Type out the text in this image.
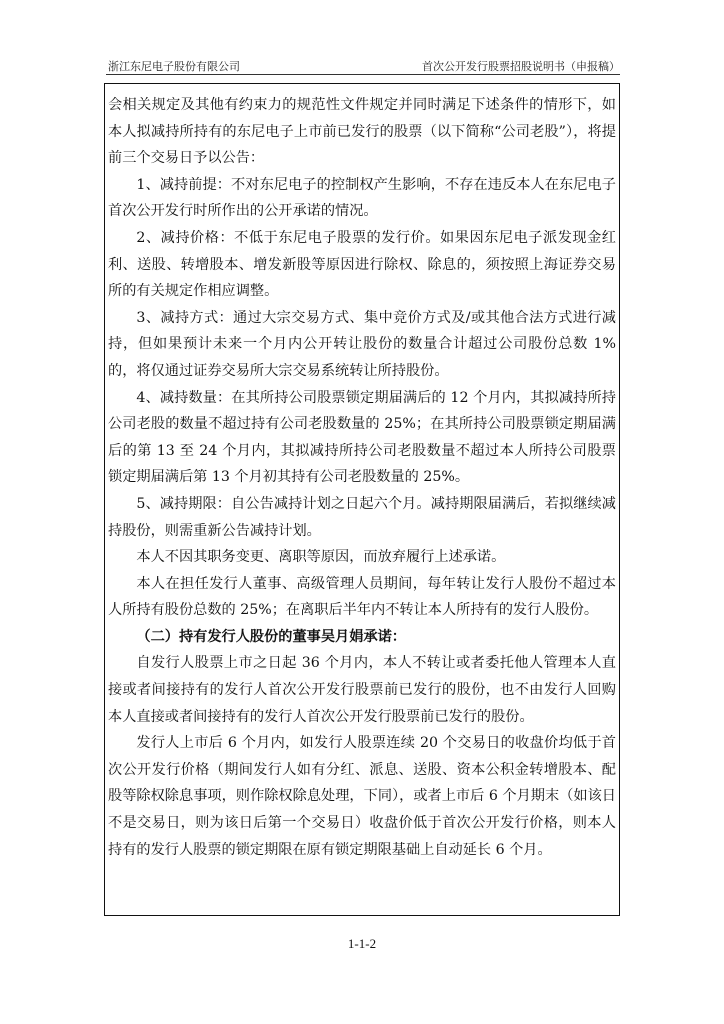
浙江东尼电子股份有限公司	首次公开发行股票招股说明书（申报稿）

会相关规定及其他有约束力的规范性文件规定并同时满足下述条件的情形下，如本人拟减持所持有的东尼电子上市前已发行的股票（以下简称“公司老股”），将提前三个交易日予以公告：

1、减持前提：不对东尼电子的控制权产生影响，不存在违反本人在东尼电子首次公开发行时所作出的公开承诺的情况。

2、减持价格：不低于东尼电子股票的发行价。如果因东尼电子派发现金红利、送股、转增股本、增发新股等原因进行除权、除息的，须按照上海证券交易所的有关规定作相应调整。

3、减持方式：通过大宗交易方式、集中竞价方式及/或其他合法方式进行减持，但如果预计未来一个月内公开转让股份的数量合计超过公司股份总数 1%的，将仅通过证券交易所大宗交易系统转让所持股份。

4、减持数量：在其所持公司股票锁定期届满后的 12 个月内，其拟减持所持公司老股的数量不超过持有公司老股数量的 25%；在其所持公司股票锁定期届满后的第 13 至 24 个月内，其拟减持所持公司老股数量不超过本人所持公司股票锁定期届满后第 13 个月初其持有公司老股数量的 25%。

5、减持期限：自公告减持计划之日起六个月。减持期限届满后，若拟继续减持股份，则需重新公告减持计划。

本人不因其职务变更、离职等原因，而放弃履行上述承诺。

本人在担任发行人董事、高级管理人员期间，每年转让发行人股份不超过本人所持有股份总数的 25%；在离职后半年内不转让本人所持有的发行人股份。

（二）持有发行人股份的董事吴月娟承诺：

自发行人股票上市之日起 36 个月内，本人不转让或者委托他人管理本人直接或者间接持有的发行人首次公开发行股票前已发行的股份，也不由发行人回购本人直接或者间接持有的发行人首次公开发行股票前已发行的股份。

发行人上市后 6 个月内，如发行人股票连续 20 个交易日的收盘价均低于首次公开发行价格（期间发行人如有分红、派息、送股、资本公积金转增股本、配股等除权除息事项，则作除权除息处理，下同），或者上市后 6 个月期末（如该日不是交易日，则为该日后第一个交易日）收盘价低于首次公开发行价格，则本人持有的发行人股票的锁定期限在原有锁定期限基础上自动延长 6 个月。

1-1-2
